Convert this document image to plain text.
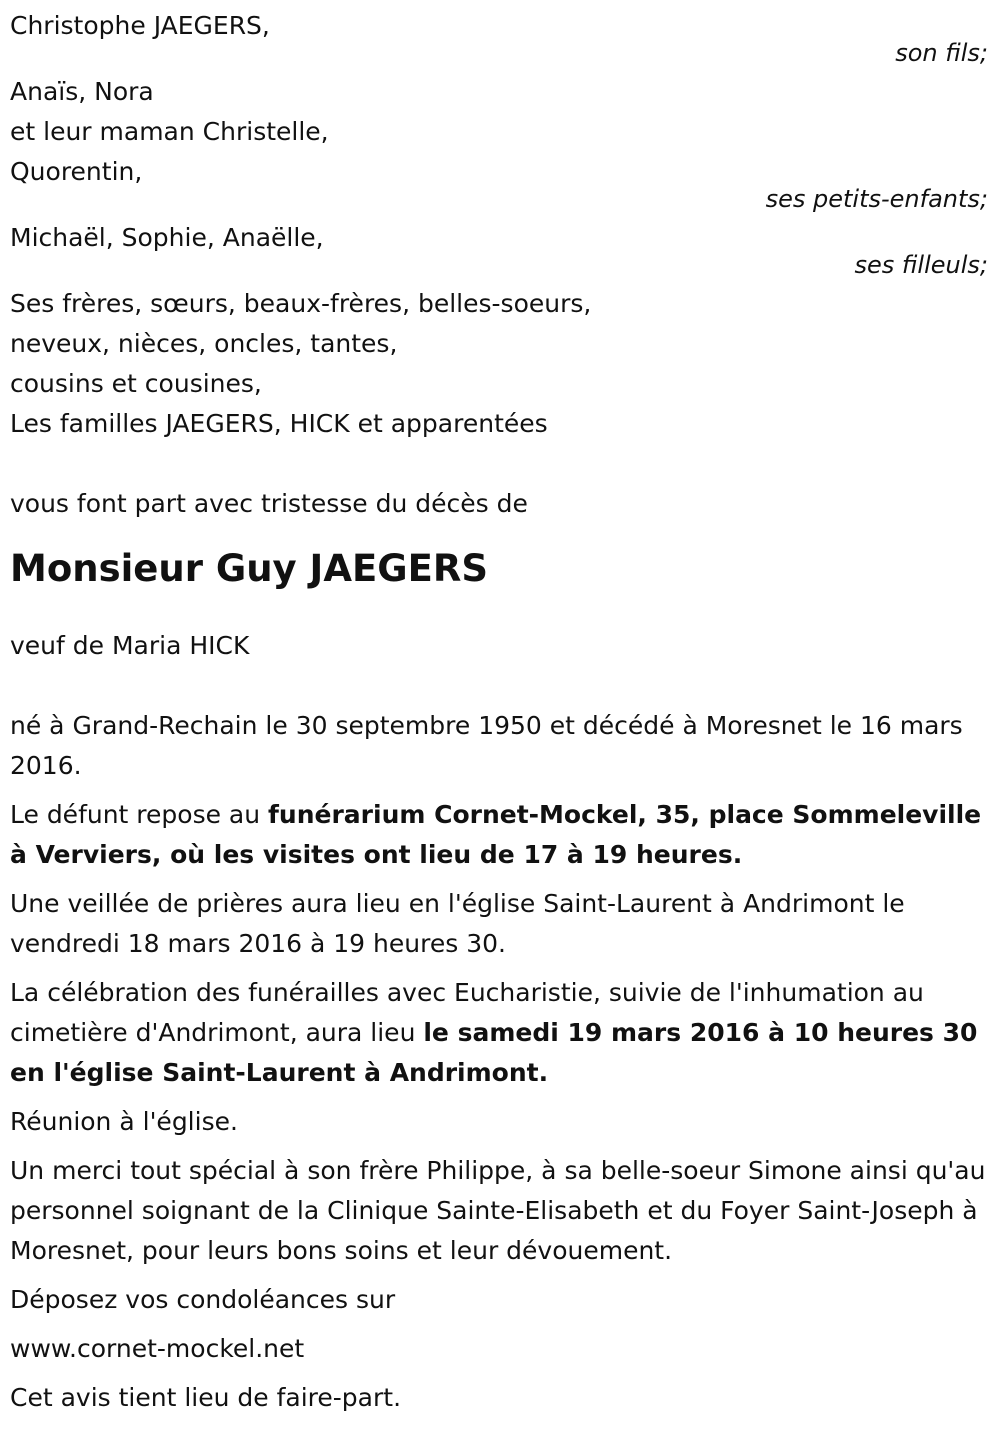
Christophe JAEGERS,
son fils;
Anaïs, Nora
et leur maman Christelle,
Quorentin,
ses petits-enfants;
Michaël, Sophie, Anaëlle,
ses filleuls;
Ses frères, sœurs, beaux-frères, belles-soeurs,
neveux, nièces, oncles, tantes,
cousins et cousines,
Les familles JAEGERS, HICK et apparentées
vous font part avec tristesse du décès de
Monsieur Guy JAEGERS
veuf de Maria HICK

né à Grand-Rechain le 30 septembre 1950 et décédé à Moresnet le 16 mars 2016.

Le défunt repose au funérarium Cornet-Mockel, 35, place Sommeleville à Verviers, où les visites ont lieu de 17 à 19 heures.

Une veillée de prières aura lieu en l'église Saint-Laurent à Andrimont le vendredi 18 mars 2016 à 19 heures 30.

La célébration des funérailles avec Eucharistie, suivie de l'inhumation au cimetière d'Andrimont, aura lieu le samedi 19 mars 2016 à 10 heures 30 en l'église Saint-Laurent à Andrimont.

Réunion à l'église.

Un merci tout spécial à son frère Philippe, à sa belle-soeur Simone ainsi qu'au personnel soignant de la Clinique Sainte-Elisabeth et du Foyer Saint-Joseph à Moresnet, pour leurs bons soins et leur dévouement.

Déposez vos condoléances sur

www.cornet-mockel.net

Cet avis tient lieu de faire-part.
